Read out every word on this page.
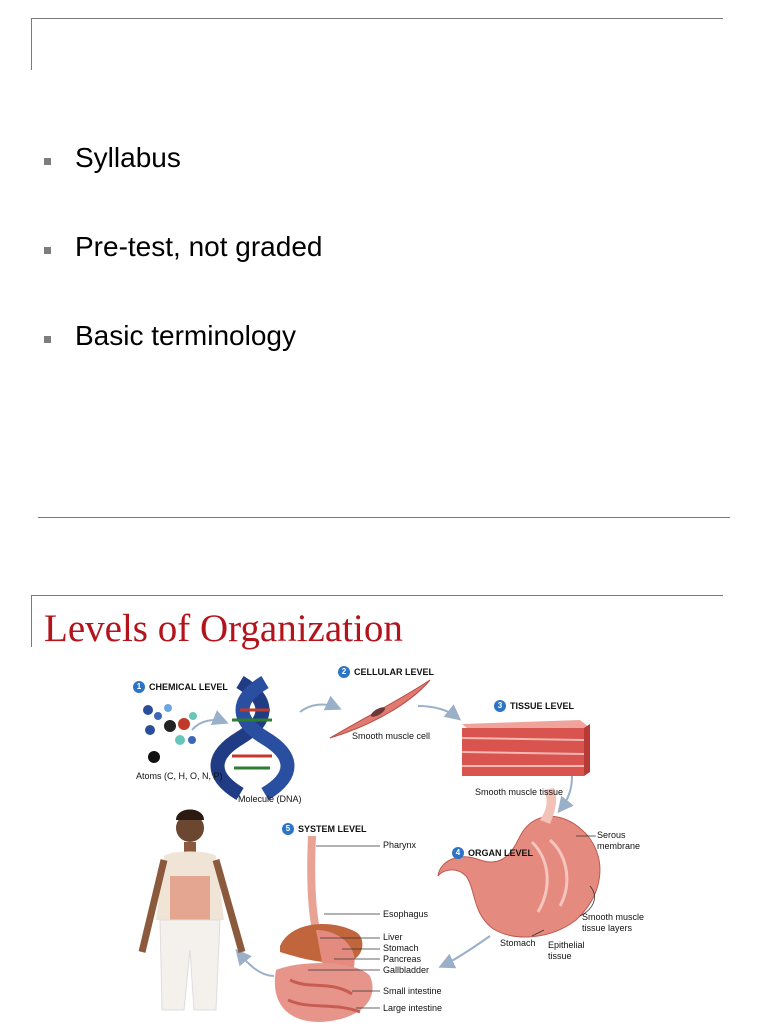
Syllabus
Pre-test, not graded
Basic terminology
Levels of Organization
1 CHEMICAL LEVEL
2 CELLULAR LEVEL
3 TISSUE LEVEL
4 ORGAN LEVEL
5 SYSTEM LEVEL
Atoms (C, H, O, N, P)
Molecule (DNA)
Smooth muscle cell
Smooth muscle tissue
Serous
membrane
Smooth muscle
tissue layers
Stomach Epithelial
tissue
Pharynx
Esophagus
Liver
Stomach
Pancreas
Gallbladder
Small intestine
Large intestine
